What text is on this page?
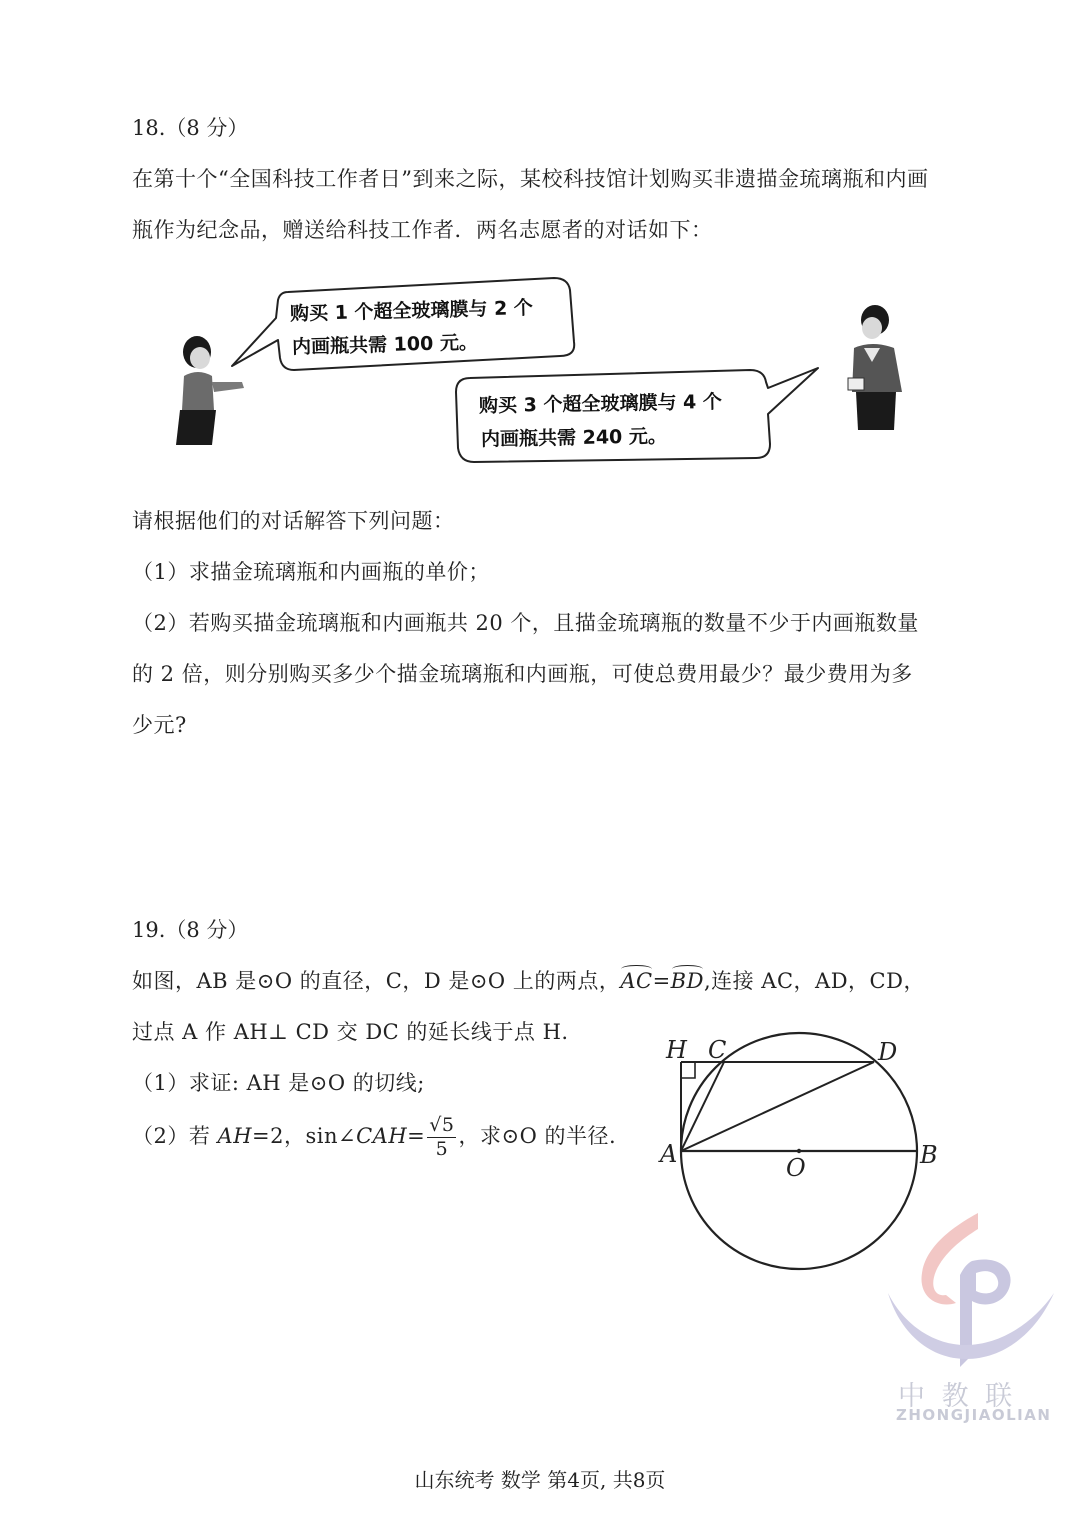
18.（8 分）
在第十个“全国科技工作者日”到来之际，某校科技馆计划购买非遗描金琉璃瓶和内画
瓶作为纪念品，赠送给科技工作者．两名志愿者的对话如下：
购买 1 个超全玻璃膜与 2 个
内画瓶共需 100 元。
购买 3 个超全玻璃膜与 4 个
内画瓶共需 240 元。
请根据他们的对话解答下列问题：
（1）求描金琉璃瓶和内画瓶的单价；
（2）若购买描金琉璃瓶和内画瓶共 20 个，且描金琉璃瓶的数量不少于内画瓶数量
的 2 倍，则分别购买多少个描金琉璃瓶和内画瓶，可使总费用最少？最少费用为多
少元?
19.（8 分）
如图，AB 是⊙O 的直径，C，D 是⊙O 上的两点，AC=BD,连接 AC，AD，CD，
过点 A 作 AH⊥ CD 交 DC 的延长线于点 H.
（1）求证: AH 是⊙O 的切线;
（2）若 AH=2，sin∠CAH= $\frac{√5}{5}$ ，求⊙O 的半径.
H C	D
A	O	B
中 教 联
ZHONGJIAOLIAN
山东统考 数学 第4页, 共8页
